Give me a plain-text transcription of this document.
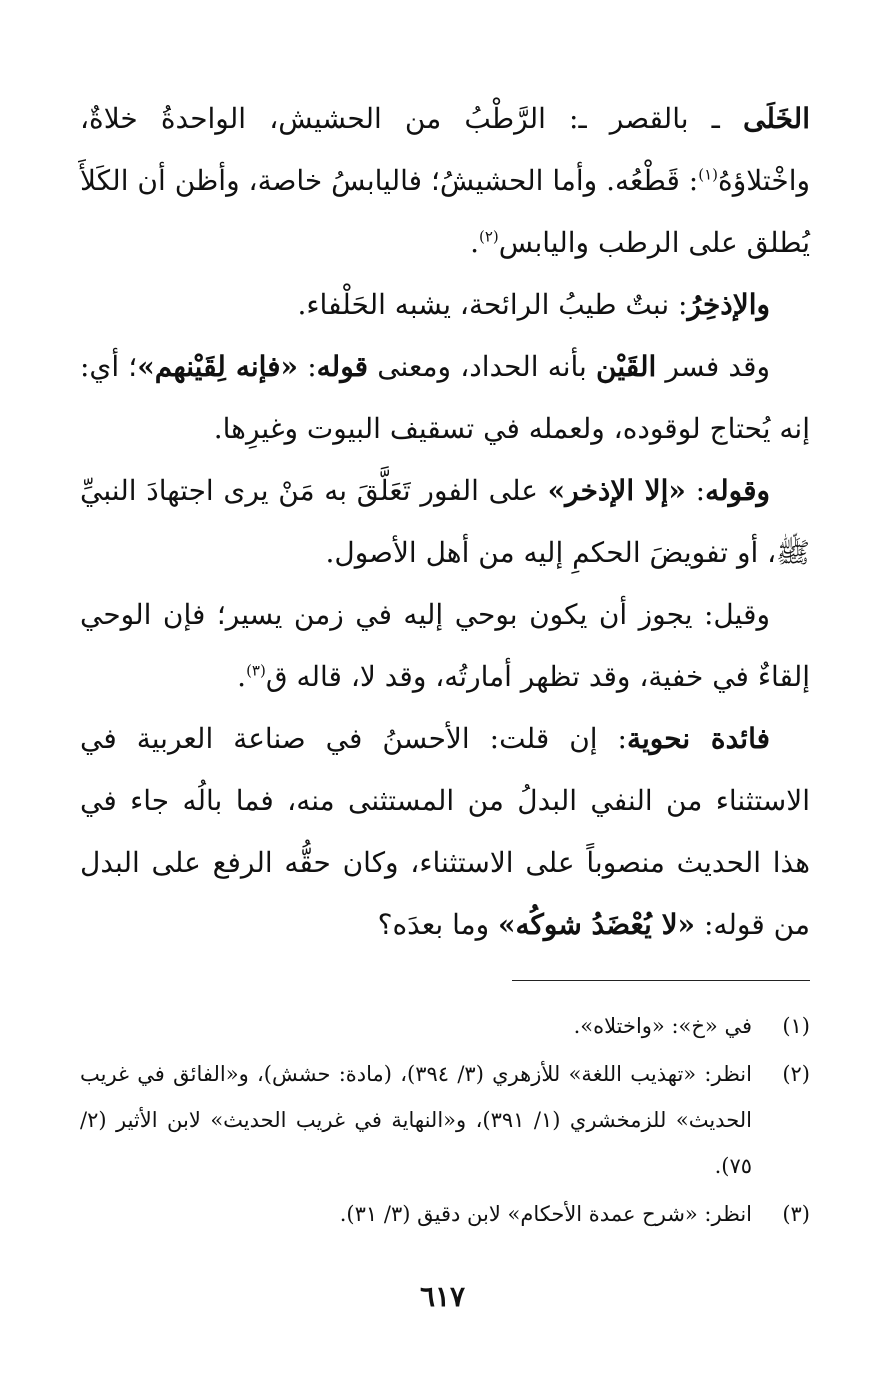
الخَلَى ـ بالقصر ـ: الرَّطْبُ من الحشيش، الواحدةُ خلاةٌ، واخْتلاؤهُ$^{(١)}$: قَطْعُه. وأما الحشيشُ؛ فاليابسُ خاصة، وأظن أن الكَلأَ يُطلق على الرطب واليابس$^{(٢)}$.

والإذخِرُ: نبتٌ طيبُ الرائحة، يشبه الحَلْفاء.

وقد فسر القَيْن بأنه الحداد، ومعنى قوله: «فإنه لِقَيْنهم»؛ أي: إنه يُحتاج لوقوده، ولعمله في تسقيف البيوت وغيرِها.

وقوله: «إلا الإذخر» على الفور تَعَلَّقَ به مَنْ يرى اجتهادَ النبيِّ ﷺ، أو تفويضَ الحكمِ إليه من أهل الأصول.

وقيل: يجوز أن يكون بوحي إليه في زمن يسير؛ فإن الوحي إلقاءٌ في خفية، وقد تظهر أمارتُه، وقد لا، قاله ق$^{(٣)}$.

فائدة نحوية: إن قلت: الأحسنُ في صناعة العربية في الاستثناء من النفي البدلُ من المستثنى منه، فما بالُه جاء في هذا الحديث منصوباً على الاستثناء، وكان حقُّه الرفع على البدل من قوله: «لا يُعْضَدُ شوكُه» وما بعدَه؟

(١)
في «خ»: «واختلاه».
(٢)
انظر: «تهذيب اللغة» للأزهري (٣/ ٣٩٤)، (مادة: حشش)، و«الفائق في غريب الحديث» للزمخشري (١/ ٣٩١)، و«النهاية في غريب الحديث» لابن الأثير (٢/ ٧٥).
(٣)
انظر: «شرح عمدة الأحكام» لابن دقيق (٣/ ٣١).
٦١٧
